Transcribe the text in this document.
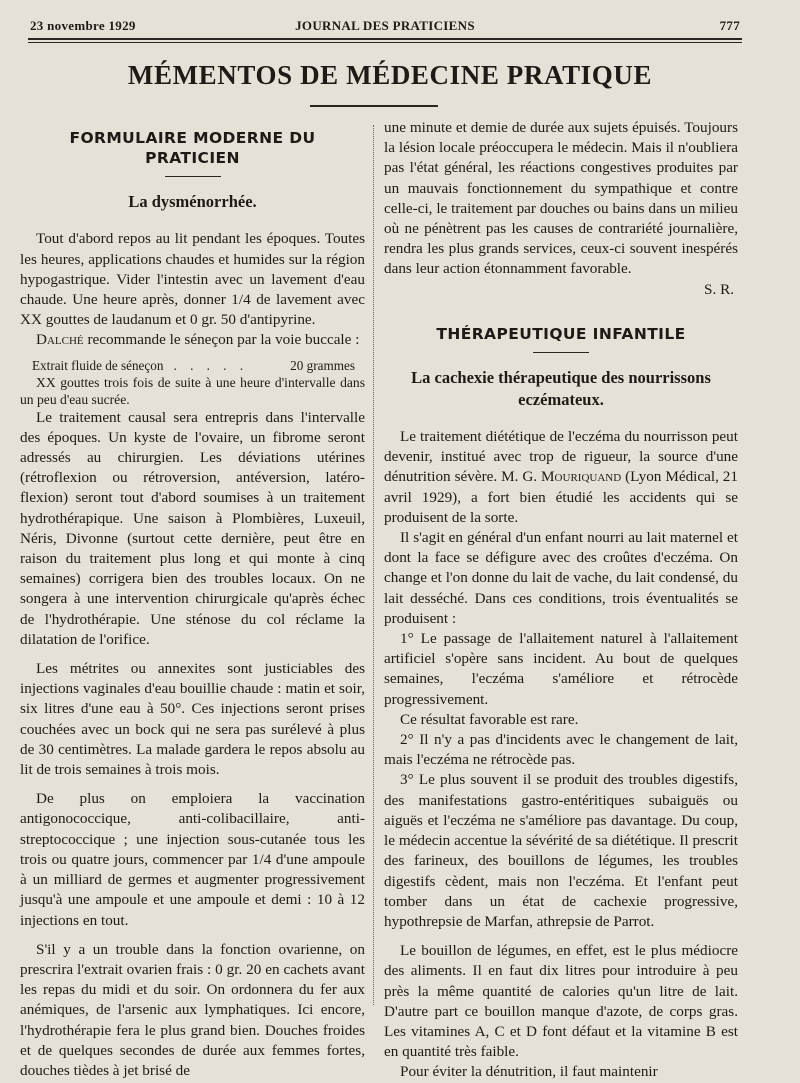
23 novembre 1929	JOURNAL DES PRATICIENS	777
MÉMENTOS DE MÉDECINE PRATIQUE
FORMULAIRE MODERNE DU PRATICIEN
La dysménorrhée.

Tout d'abord repos au lit pendant les époques. Toutes les heures, applications chaudes et humides sur la région hypogastrique. Vider l'intestin avec un lavement d'eau chaude. Une heure après, donner 1/4 de lavement avec XX gouttes de laudanum et 0 gr. 50 d'antipyrine.

Dalché recommande le séneçon par la voie buccale :

Extrait fluide de séneçon . . . . .	20 grammes

XX gouttes trois fois de suite à une heure d'intervalle dans un peu d'eau sucrée.

Le traitement causal sera entrepris dans l'intervalle des époques. Un kyste de l'ovaire, un fibrome seront adressés au chirurgien. Les déviations utérines (rétroflexion ou rétroversion, antéversion, latéro-flexion) seront tout d'abord soumises à un traitement hydrothérapique. Une saison à Plombières, Luxeuil, Néris, Divonne (surtout cette dernière, peut être en raison du traitement plus long et qui monte à cinq semaines) corrigera bien des troubles locaux. On ne songera à une intervention chirurgicale qu'après échec de l'hydrothérapie. Une sténose du col réclame la dilatation de l'orifice.

Les métrites ou annexites sont justiciables des injections vaginales d'eau bouillie chaude : matin et soir, six litres d'une eau à 50°. Ces injections seront prises couchées avec un bock qui ne sera pas surélevé à plus de 30 centimètres. La malade gardera le repos absolu au lit de trois semaines à trois mois.

De plus on emploiera la vaccination antigonococcique, anti-colibacillaire, anti-streptococcique ; une injection sous-cutanée tous les trois ou quatre jours, commencer par 1/4 d'une ampoule à un milliard de germes et augmenter progressivement jusqu'à une ampoule et une ampoule et demi : 10 à 12 injections en tout.

S'il y a un trouble dans la fonction ovarienne, on prescrira l'extrait ovarien frais : 0 gr. 20 en cachets avant les repas du midi et du soir. On ordonnera du fer aux anémiques, de l'arsenic aux lymphatiques. Ici encore, l'hydrothérapie fera le plus grand bien. Douches froides et de quelques secondes de durée aux femmes fortes, douches tièdes à jet brisé de

une minute et demie de durée aux sujets épuisés. Toujours la lésion locale préoccupera le médecin. Mais il n'oubliera pas l'état général, les réactions congestives produites par un mauvais fonctionnement du sympathique et contre celle-ci, le traitement par douches ou bains dans un milieu où ne pénètrent pas les causes de contrariété journalière, rendra les plus grands services, ceux-ci souvent inespérés dans leur action étonnamment favorable.

S. R.

THÉRAPEUTIQUE INFANTILE
La cachexie thérapeutique des nourrissons eczémateux.

Le traitement diététique de l'eczéma du nourrisson peut devenir, institué avec trop de rigueur, la source d'une dénutrition sévère. M. G. Mouriquand (Lyon Médical, 21 avril 1929), a fort bien étudié les accidents qui se produisent de la sorte.

Il s'agit en général d'un enfant nourri au lait maternel et dont la face se défigure avec des croûtes d'eczéma. On change et l'on donne du lait de vache, du lait condensé, du lait desséché. Dans ces conditions, trois éventualités se produisent :

1° Le passage de l'allaitement naturel à l'allaitement artificiel s'opère sans incident. Au bout de quelques semaines, l'eczéma s'améliore et rétrocède progressivement.

Ce résultat favorable est rare.

2° Il n'y a pas d'incidents avec le changement de lait, mais l'eczéma ne rétrocède pas.

3° Le plus souvent il se produit des troubles digestifs, des manifestations gastro-entéritiques subaiguës ou aiguës et l'eczéma ne s'améliore pas davantage. Du coup, le médecin accentue la sévérité de sa diététique. Il prescrit des farineux, des bouillons de légumes, les troubles digestifs cèdent, mais non l'eczéma. Et l'enfant peut tomber dans un état de cachexie progressive, hypothrepsie de Marfan, athrepsie de Parrot.

Le bouillon de légumes, en effet, est le plus médiocre des aliments. Il en faut dix litres pour introduire à peu près la même quantité de calories qu'un litre de lait. D'autre part ce bouillon manque d'azote, de corps gras. Les vitamines A, C et D font défaut et la vitamine B est en quantité très faible.

Pour éviter la dénutrition, il faut maintenir
